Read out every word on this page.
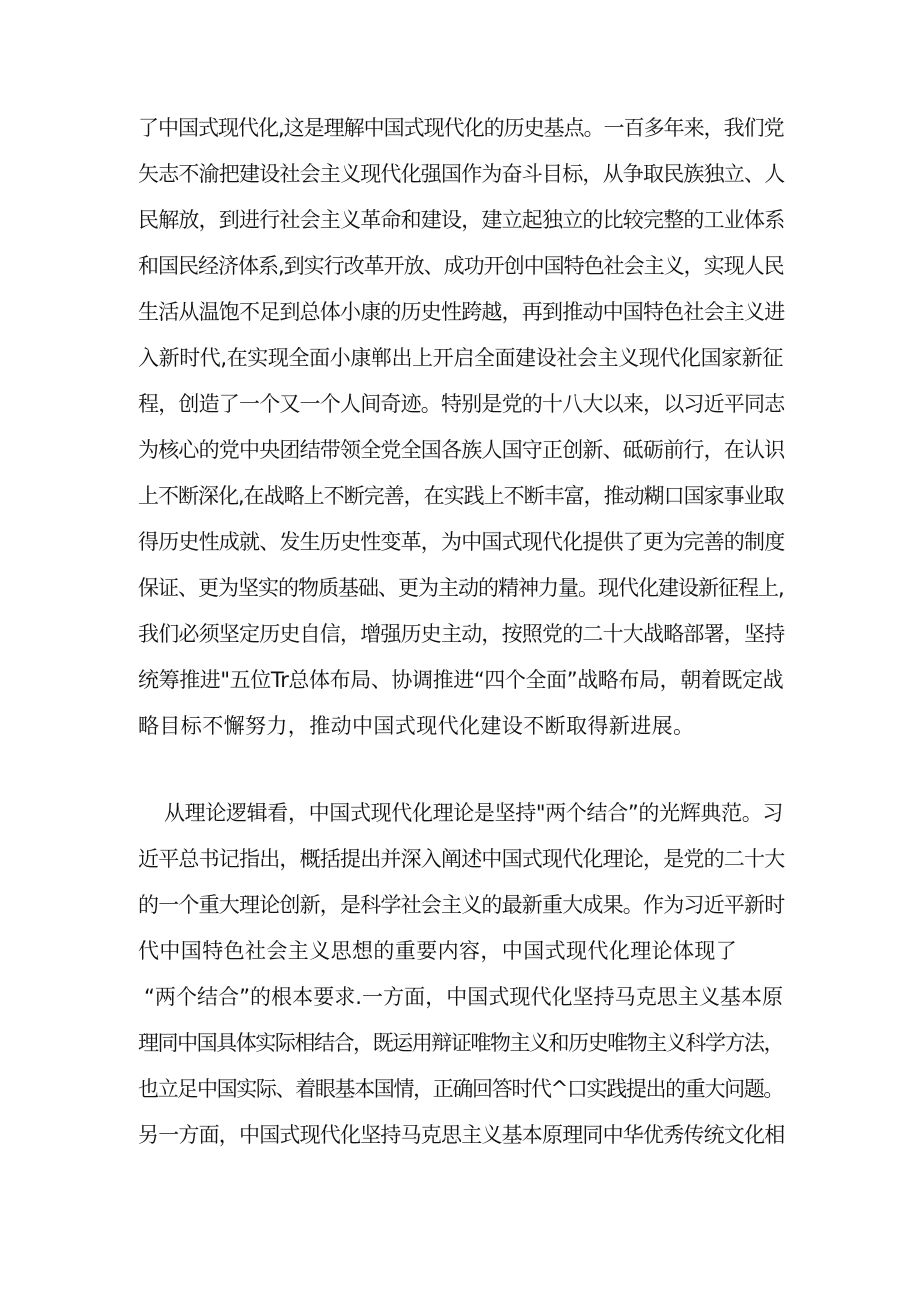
了中国式现代化,这是理解中国式现代化的历史基点。一百多年来，我们党
矢志不渝把建设社会主义现代化强国作为奋斗目标，从争取民族独立、人
民解放，到进行社会主义革命和建设，建立起独立的比较完整的工业体系
和国民经济体系,到实行改革开放、成功开创中国特色社会主义，实现人民
生活从温饱不足到总体小康的历史性跨越，再到推动中国特色社会主义进
入新时代,在实现全面小康郸出上开启全面建设社会主义现代化国家新征
程，创造了一个又一个人间奇迹。特别是党的十八大以来，以习近平同志
为核心的党中央团结带领全党全国各族人国守正创新、砥砺前行，在认识
上不断深化,在战略上不断完善，在实践上不断丰富，推动糊口国家事业取
得历史性成就、发生历史性变革，为中国式现代化提供了更为完善的制度
保证、更为坚实的物质基础、更为主动的精神力量。现代化建设新征程上,
我们必须坚定历史自信，增强历史主动，按照党的二十大战略部署，坚持
统筹推进"五位Tr总体布局、协调推进“四个全面”战略布局，朝着既定战
略目标不懈努力，推动中国式现代化建设不断取得新进展。
从理论逻辑看，中国式现代化理论是坚持"两个结合”的光辉典范。习
近平总书记指出，概括提出并深入阐述中国式现代化理论，是党的二十大
的一个重大理论创新，是科学社会主义的最新重大成果。作为习近平新时
代中国特色社会主义思想的重要内容，中国式现代化理论体现了
“两个结合”的根本要求.一方面，中国式现代化坚持马克思主义基本原
理同中国具体实际相结合，既运用辩证唯物主义和历史唯物主义科学方法，
也立足中国实际、着眼基本国情，正确回答时代^口实践提出的重大问题。
另一方面，中国式现代化坚持马克思主义基本原理同中华优秀传统文化相
